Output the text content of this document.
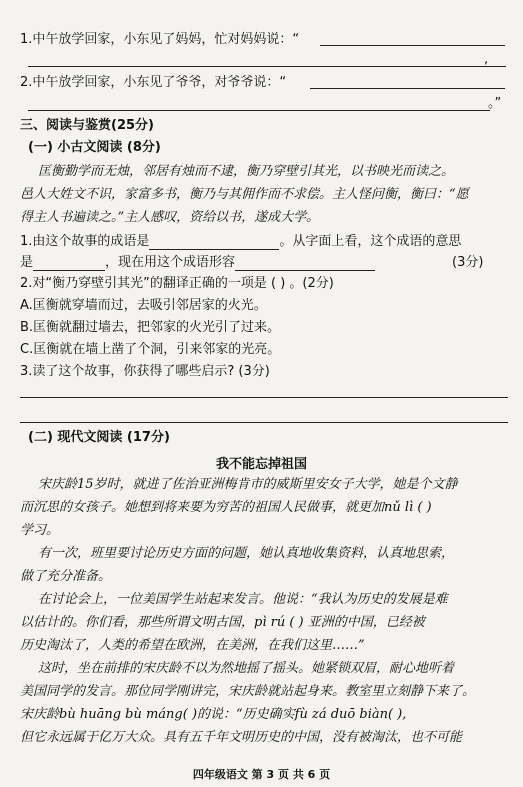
1.中午放学回家，小东见了妈妈，忙对妈妈说：“
,
2.中午放学回家，小东见了爷爷，对爷爷说：“
。”
三、阅读与鉴赏(25分)
(一) 小古文阅读 (8分)
匡衡勤学而无烛，邻居有烛而不逮，衡乃穿壁引其光，以书映光而读之。
邑人大姓文不识，家富多书，衡乃与其佣作而不求偿。主人怪问衡，衡曰：“愿
得主人书遍读之。”主人感叹，资给以书，遂成大学。
1.由这个故事的成语是	。从字面上看，这个成语的意思
是	，现在用这个成语形容	(3分)
2.对“衡乃穿壁引其光”的翻译正确的一项是 ( ) 。(2分)
A.匡衡就穿墙而过，去吸引邻居家的火光。
B.匡衡就翻过墙去，把邻家的火光引了过来。
C.匡衡就在墙上凿了个洞，引来邻家的光亮。
3.读了这个故事，你获得了哪些启示? (3分)
(二) 现代文阅读 (17分)
我不能忘掉祖国
宋庆龄15岁时，就进了佐治亚洲梅肯市的威斯里安女子大学，她是个文静
而沉思的女孩子。她想到将来要为穷苦的祖国人民做事，就更加nǔ lì ( )
学习。
有一次，班里要讨论历史方面的问题，她认真地收集资料，认真地思索，
做了充分准备。
在讨论会上，一位美国学生站起来发言。他说：“我认为历史的发展是难
以估计的。你们看，那些所谓文明古国，pì rú ( ) 亚洲的中国，已经被
历史淘汰了，人类的希望在欧洲，在美洲，在我们这里……”
这时，坐在前排的宋庆龄不以为然地摇了摇头。她紧锁双眉，耐心地听着
美国同学的发言。那位同学刚讲完，宋庆龄就站起身来。教室里立刻静下来了。
宋庆龄bù huāng bù máng( )的说：“历史确实fù zá duō biàn( ),
但它永远属于亿万大众。具有五千年文明历史的中国，没有被淘汰，也不可能
四年级语文 第 3 页 共 6 页
